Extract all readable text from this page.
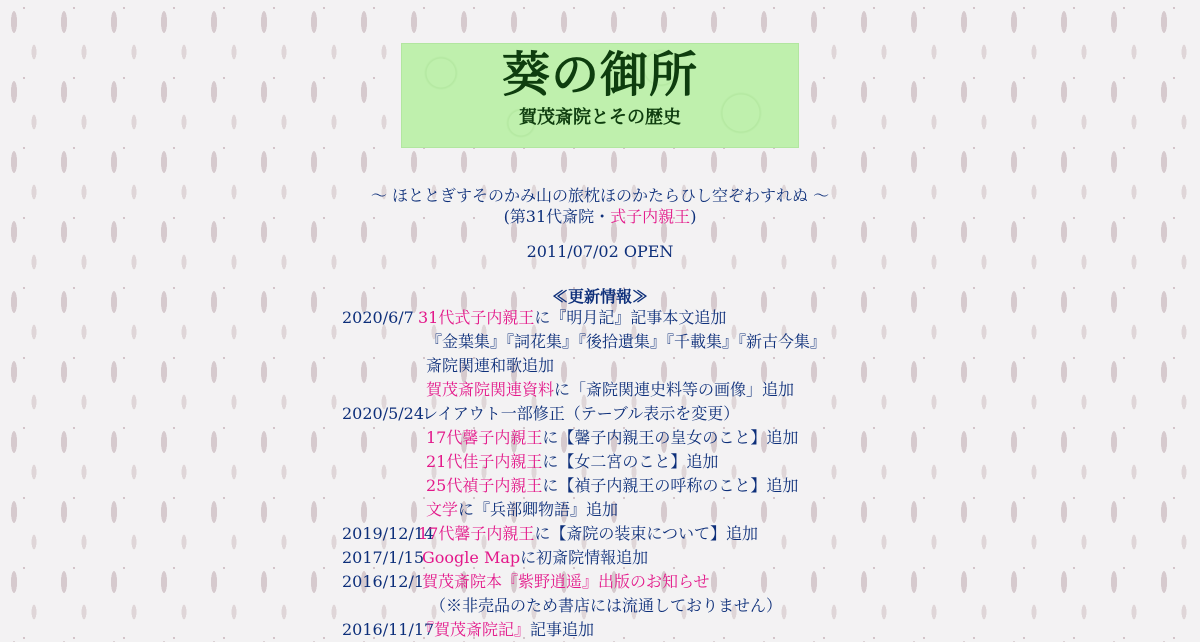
葵の御所
賀茂斎院とその歴史
～ ほととぎすそのかみ山の旅枕ほのかたらひし空ぞわすれぬ ～
(第31代斎院・式子内親王)
2011/07/02 OPEN
≪更新情報≫
2020/6/7 31代式子内親王 に『明月記』記事本文追加
『金葉集』『詞花集』『後拾遺集』『千載集』『新古今集』
斎院関連和歌追加
賀茂斎院関連資料 に「斎院関連史料等の画像」追加
2020/5/24
レイアウト一部修正（テーブル表示を変更）
17代馨子内親王 に【馨子内親王の皇女のこと】追加
21代佳子内親王 に【女二宮のこと】追加
25代禎子内親王 に【禎子内親王の呼称のこと】追加
文学 に『兵部卿物語』追加
2019/12/14
17代馨子内親王 に【斎院の装束について】追加
2017/1/15
Google Map に初斎院情報追加
2016/12/1
賀茂斎院本『紫野逍遥』出版のお知らせ
（※非売品のため書店には流通しておりません）
2016/11/17
『賀茂斎院記』 記事追加
